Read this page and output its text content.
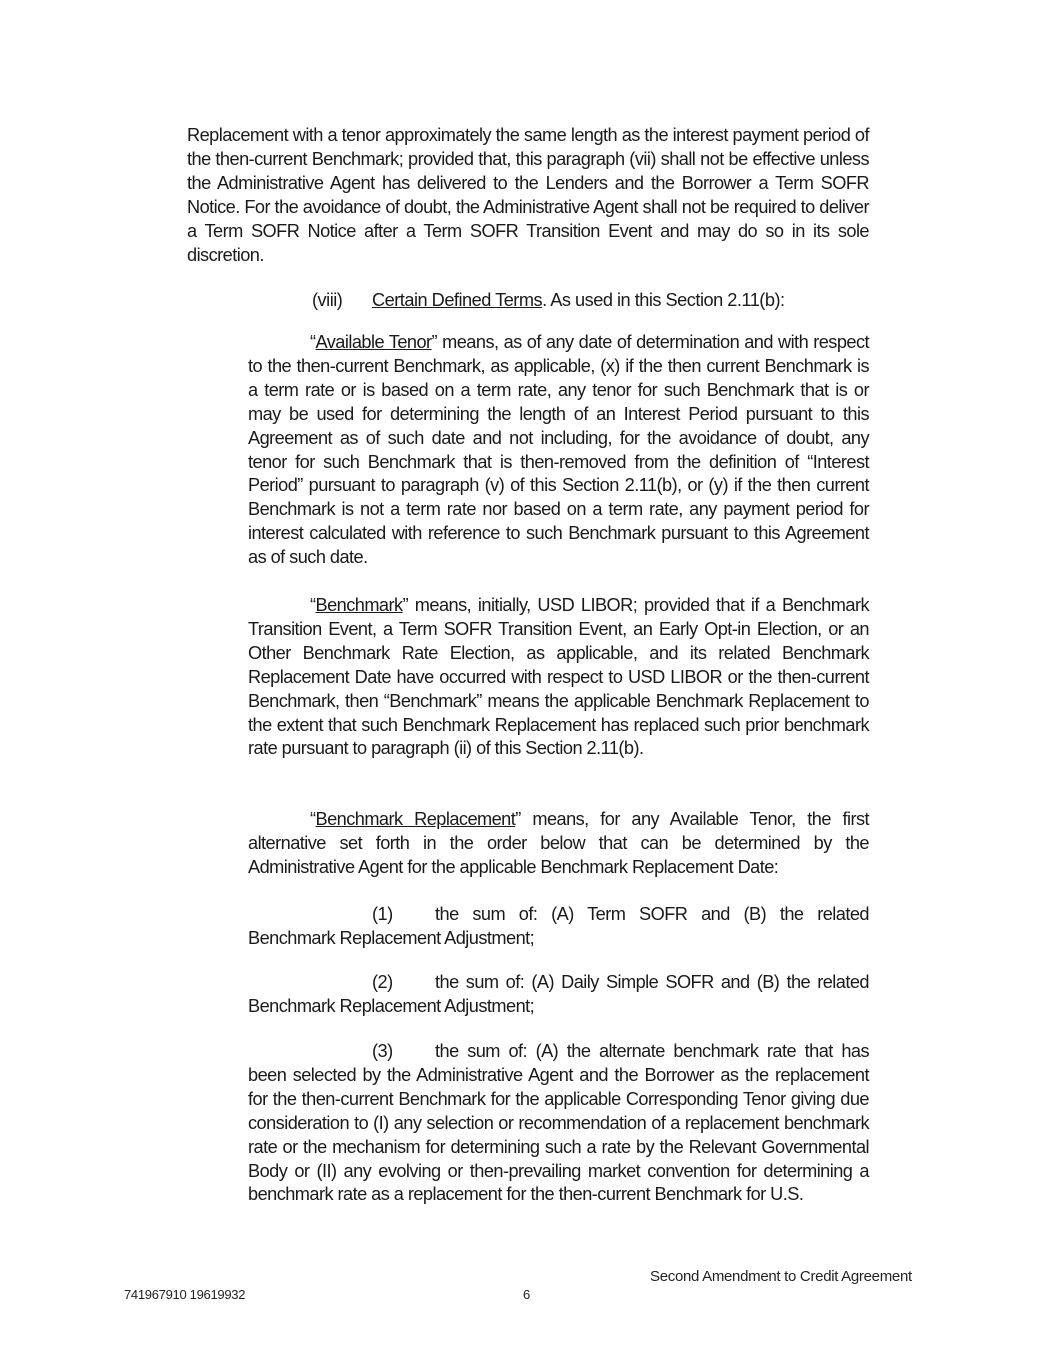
Replacement with a tenor approximately the same length as the interest payment period of the then-current Benchmark; provided that, this paragraph (vii) shall not be effective unless the Administrative Agent has delivered to the Lenders and the Borrower a Term SOFR Notice. For the avoidance of doubt, the Administrative Agent shall not be required to deliver a Term SOFR Notice after a Term SOFR Transition Event and may do so in its sole discretion.

(viii) Certain Defined Terms. As used in this Section 2.11(b):

“Available Tenor” means, as of any date of determination and with respect to the then-current Benchmark, as applicable, (x) if the then current Benchmark is a term rate or is based on a term rate, any tenor for such Benchmark that is or may be used for determining the length of an Interest Period pursuant to this Agreement as of such date and not including, for the avoidance of doubt, any tenor for such Benchmark that is then-removed from the definition of “Interest Period” pursuant to paragraph (v) of this Section 2.11(b), or (y) if the then current Benchmark is not a term rate nor based on a term rate, any payment period for interest calculated with reference to such Benchmark pursuant to this Agreement as of such date.

“Benchmark” means, initially, USD LIBOR; provided that if a Benchmark Transition Event, a Term SOFR Transition Event, an Early Opt-in Election, or an Other Benchmark Rate Election, as applicable, and its related Benchmark Replacement Date have occurred with respect to USD LIBOR or the then-current Benchmark, then “Benchmark” means the applicable Benchmark Replacement to the extent that such Benchmark Replacement has replaced such prior benchmark rate pursuant to paragraph (ii) of this Section 2.11(b).

“Benchmark Replacement” means, for any Available Tenor, the first alternative set forth in the order below that can be determined by the Administrative Agent for the applicable Benchmark Replacement Date:

(1) the sum of: (A) Term SOFR and (B) the related Benchmark Replacement Adjustment;

(2) the sum of: (A) Daily Simple SOFR and (B) the related Benchmark Replacement Adjustment;

(3) the sum of: (A) the alternate benchmark rate that has been selected by the Administrative Agent and the Borrower as the replacement for the then-current Benchmark for the applicable Corresponding Tenor giving due consideration to (I) any selection or recommendation of a replacement benchmark rate or the mechanism for determining such a rate by the Relevant Governmental Body or (II) any evolving or then-prevailing market convention for determining a benchmark rate as a replacement for the then-current Benchmark for U.S.

741967910 19619932	6
Second Amendment to Credit Agreement
